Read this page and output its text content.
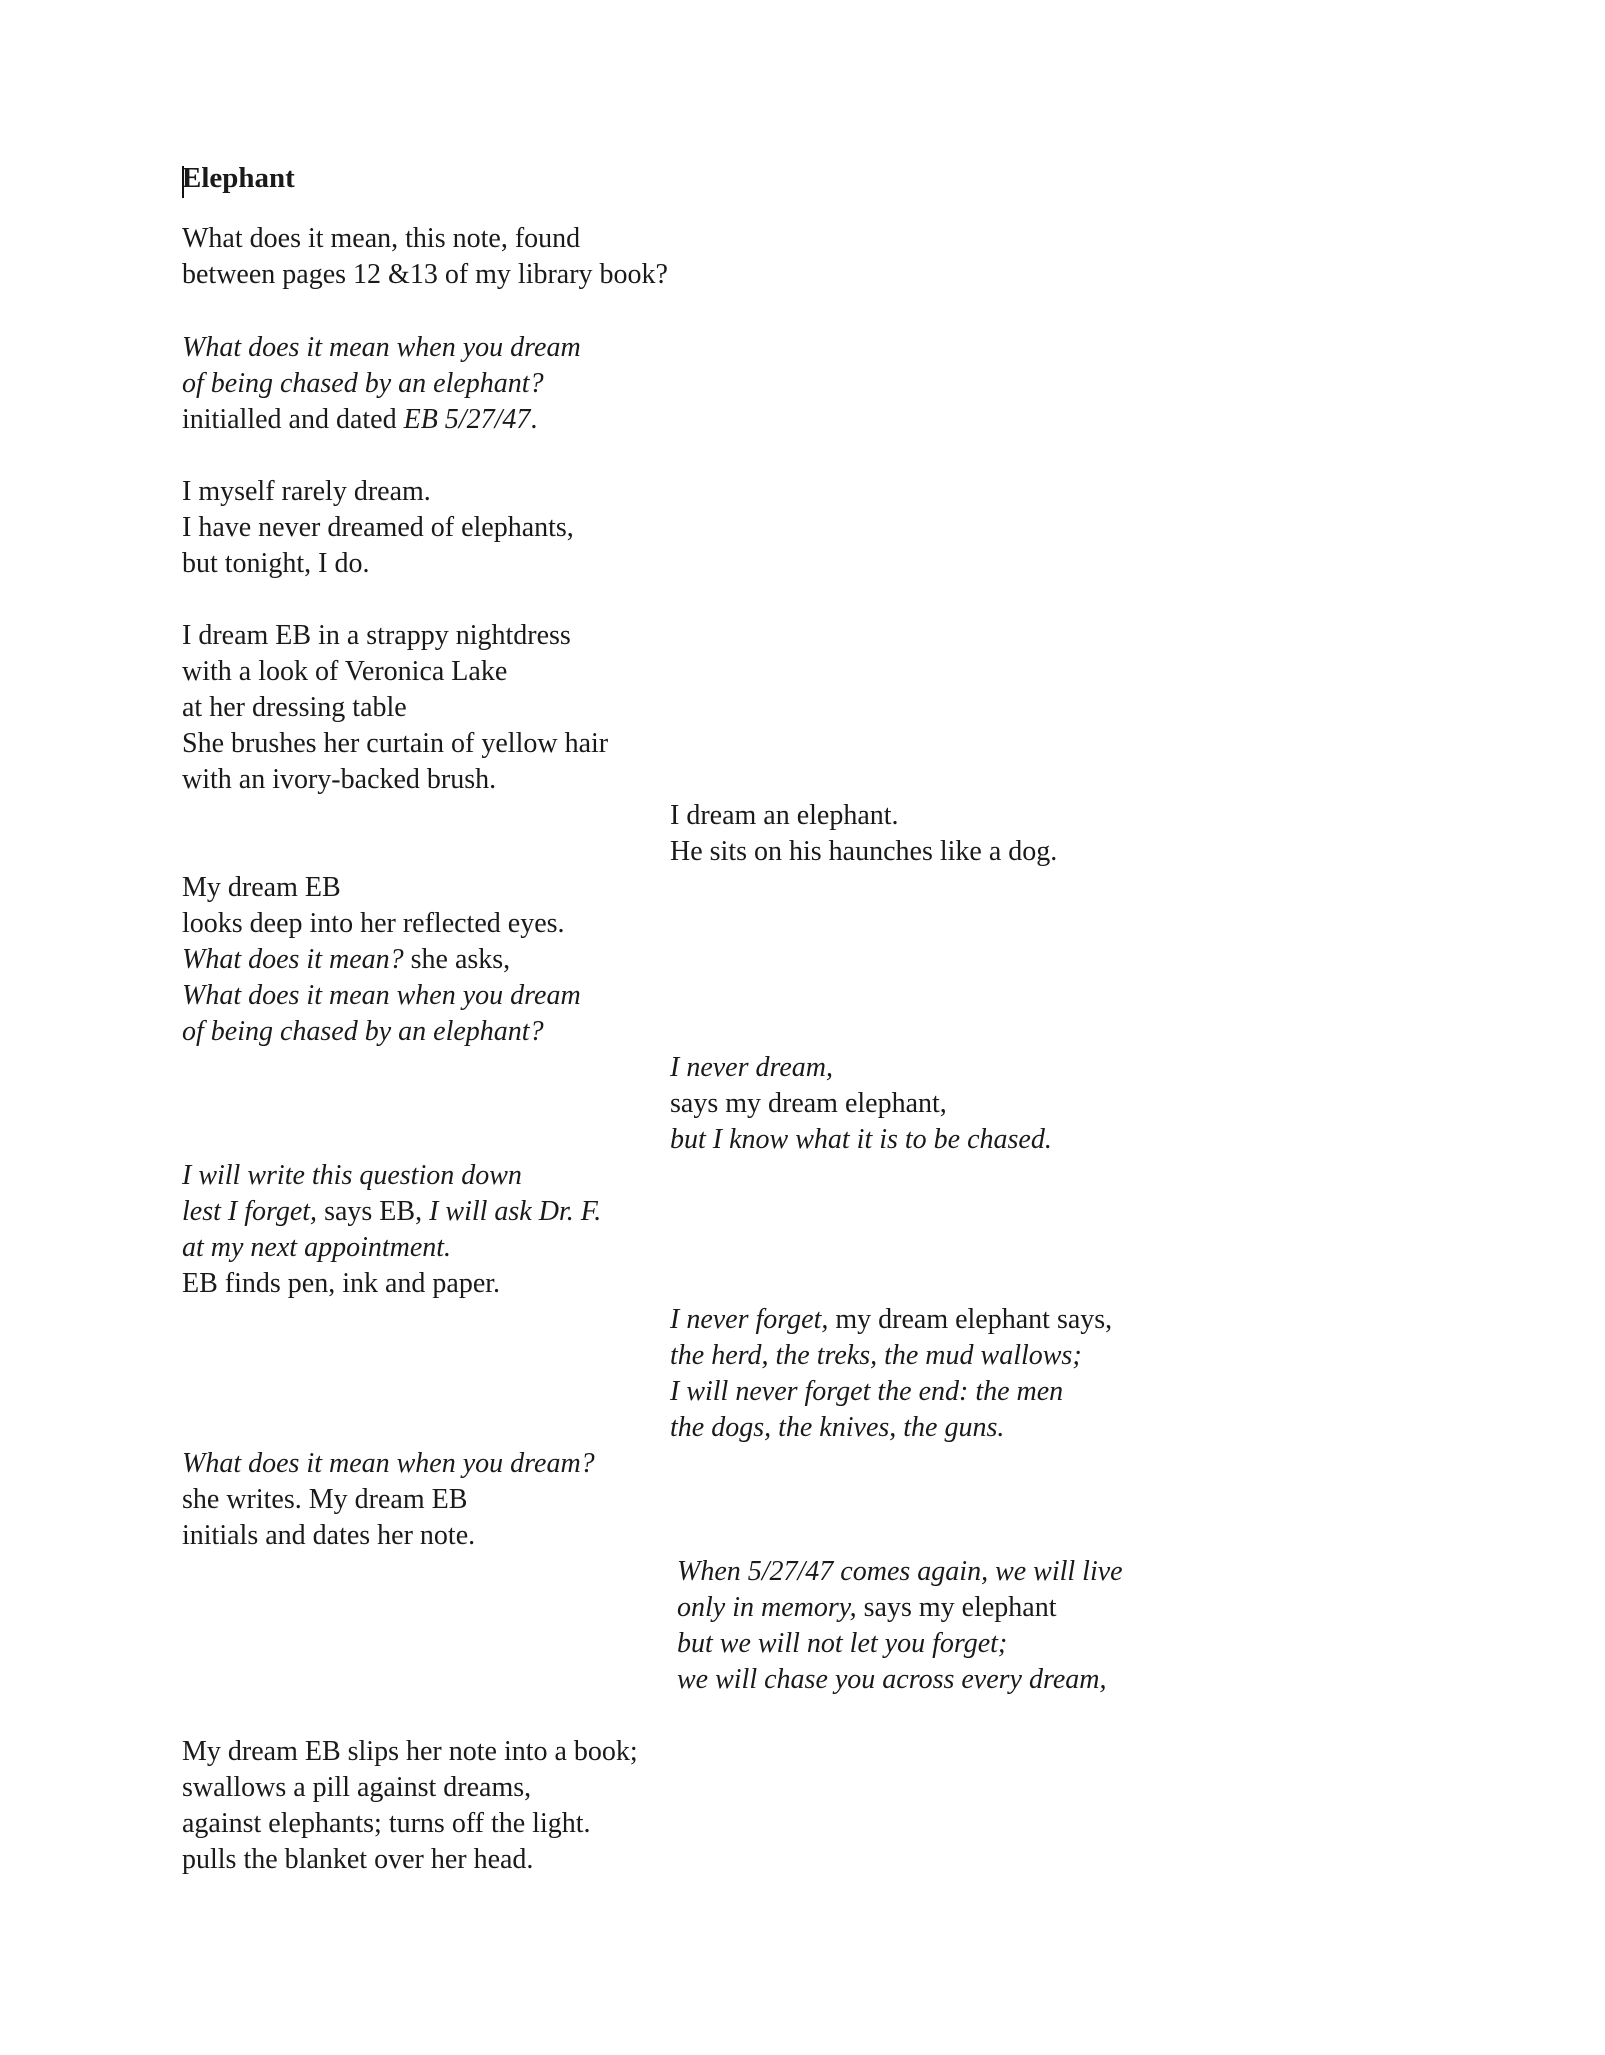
Elephant
What does it mean, this note, found
between pages 12 &13 of my library book?
What does it mean when you dream
of being chased by an elephant?
initialled and dated EB 5/27/47.
I myself rarely dream.
I have never dreamed of elephants,
but tonight, I do.
I dream EB in a strappy nightdress
with a look of Veronica Lake
at her dressing table
She brushes her curtain of yellow hair
with an ivory-backed brush.
I dream an elephant.
He sits on his haunches like a dog.
My dream EB
looks deep into her reflected eyes.
What does it mean? she asks,
What does it mean when you dream
of being chased by an elephant?
I never dream,
says my dream elephant,
but I know what it is to be chased.
I will write this question down
lest I forget, says EB, I will ask Dr. F.
at my next appointment.
EB finds pen, ink and paper.
I never forget, my dream elephant says,
the herd, the treks, the mud wallows;
I will never forget the end: the men
the dogs, the knives, the guns.
What does it mean when you dream?
she writes. My dream EB
initials and dates her note.
When 5/27/47 comes again, we will live
only in memory, says my elephant
but we will not let you forget;
we will chase you across every dream,
My dream EB slips her note into a book;
swallows a pill against dreams,
against elephants; turns off the light.
pulls the blanket over her head.
